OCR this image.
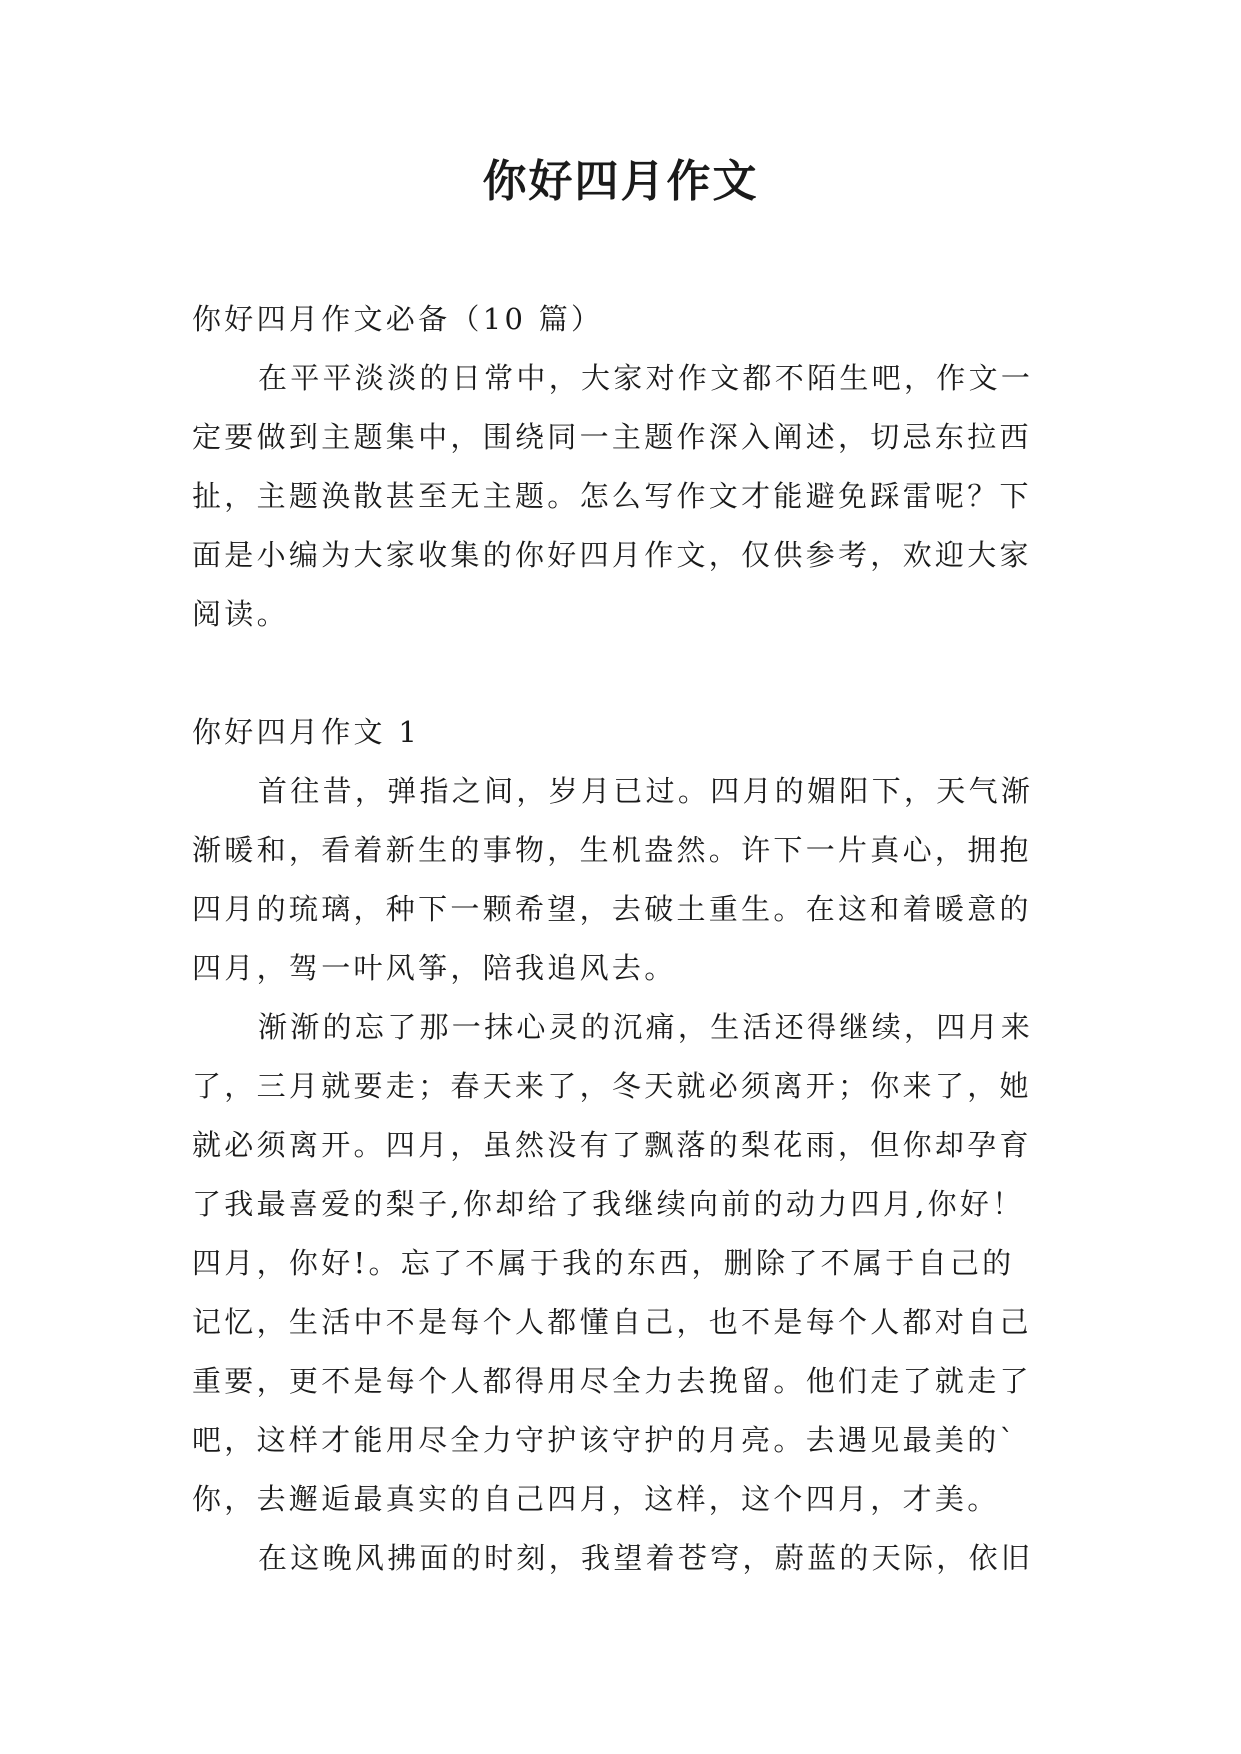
你好四月作文

你好四月作文必备（10 篇）

在平平淡淡的日常中，大家对作文都不陌生吧，作文一

定要做到主题集中，围绕同一主题作深入阐述，切忌东拉西

扯，主题涣散甚至无主题。怎么写作文才能避免踩雷呢？下

面是小编为大家收集的你好四月作文，仅供参考，欢迎大家

阅读。

你好四月作文 1

首往昔，弹指之间，岁月已过。四月的媚阳下，天气渐

渐暖和，看着新生的事物，生机盎然。许下一片真心，拥抱

四月的琉璃，种下一颗希望，去破土重生。在这和着暖意的

四月，驾一叶风筝，陪我追风去。

渐渐的忘了那一抹心灵的沉痛，生活还得继续，四月来

了，三月就要走；春天来了，冬天就必须离开；你来了，她

就必须离开。四月，虽然没有了飘落的梨花雨，但你却孕育

了我最喜爱的梨子,你却给了我继续向前的动力四月,你好！

四月，你好!。忘了不属于我的东西，删除了不属于自己的

记忆，生活中不是每个人都懂自己，也不是每个人都对自己

重要，更不是每个人都得用尽全力去挽留。他们走了就走了

吧，这样才能用尽全力守护该守护的月亮。去遇见最美的`

你，去邂逅最真实的自己四月，这样，这个四月，才美。

在这晚风拂面的时刻，我望着苍穹，蔚蓝的天际，依旧
